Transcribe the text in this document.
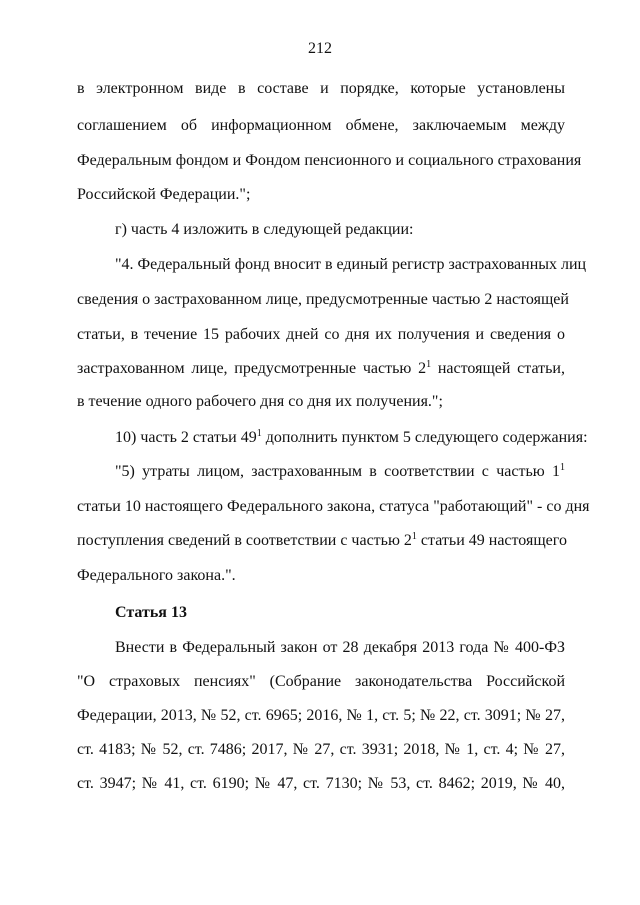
212
в электронном виде в составе и порядке, которые установлены
соглашением об информационном обмене, заключаемым между
Федеральным фондом и Фондом пенсионного и социального страхования
Российской Федерации.";
г) часть 4 изложить в следующей редакции:
"4. Федеральный фонд вносит в единый регистр застрахованных лиц
сведения о застрахованном лице, предусмотренные частью 2 настоящей
статьи, в течение 15 рабочих дней со дня их получения и сведения о
застрахованном лице, предусмотренные частью $2^1$ настоящей статьи,
в течение одного рабочего дня со дня их получения.";
10) часть 2 статьи $49^1$ дополнить пунктом 5 следующего содержания:
"5) утраты лицом, застрахованным в соответствии с частью $1^1$
статьи 10 настоящего Федерального закона, статуса "работающий" - со дня
поступления сведений в соответствии с частью $2^1$ статьи 49 настоящего
Федерального закона.".
Статья 13
Внести в Федеральный закон от 28 декабря 2013 года № 400-ФЗ
"О страховых пенсиях" (Собрание законодательства Российской
Федерации, 2013, № 52, ст. 6965; 2016, № 1, ст. 5; № 22, ст. 3091; № 27,
ст. 4183; № 52, ст. 7486; 2017, № 27, ст. 3931; 2018, № 1, ст. 4; № 27,
ст. 3947; № 41, ст. 6190; № 47, ст. 7130; № 53, ст. 8462; 2019, № 40,
